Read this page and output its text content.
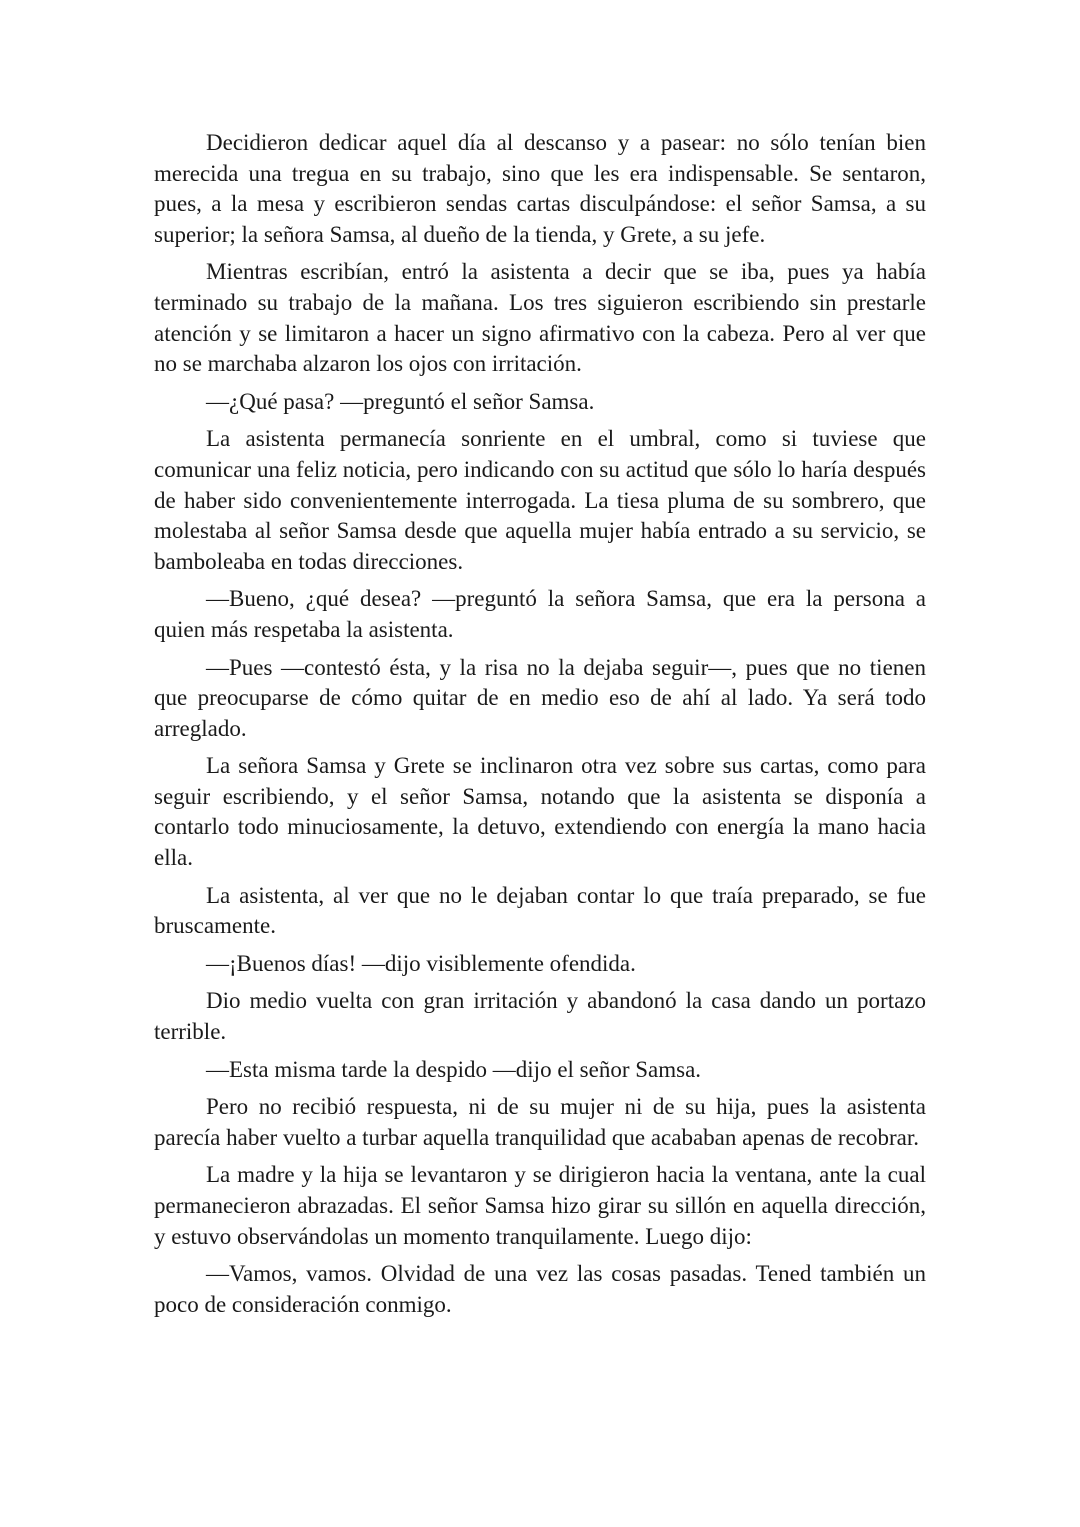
Decidieron dedicar aquel día al descanso y a pasear: no sólo tenían bien merecida una tregua en su trabajo, sino que les era indispensable. Se sentaron, pues, a la mesa y escribieron sendas cartas disculpándose: el señor Samsa, a su superior; la señora Samsa, al dueño de la tienda, y Grete, a su jefe.

Mientras escribían, entró la asistenta a decir que se iba, pues ya había terminado su trabajo de la mañana. Los tres siguieron escribiendo sin prestarle atención y se limitaron a hacer un signo afirmativo con la cabeza. Pero al ver que no se marchaba alzaron los ojos con irritación.

—¿Qué pasa? —preguntó el señor Samsa.

La asistenta permanecía sonriente en el umbral, como si tuviese que comunicar una feliz noticia, pero indicando con su actitud que sólo lo haría después de haber sido convenientemente interrogada. La tiesa pluma de su sombrero, que molestaba al señor Samsa desde que aquella mujer había entrado a su servicio, se bamboleaba en todas direcciones.

—Bueno, ¿qué desea? —preguntó la señora Samsa, que era la persona a quien más respetaba la asistenta.

—Pues —contestó ésta, y la risa no la dejaba seguir—, pues que no tienen que preocuparse de cómo quitar de en medio eso de ahí al lado. Ya será todo arreglado.

La señora Samsa y Grete se inclinaron otra vez sobre sus cartas, como para seguir escribiendo, y el señor Samsa, notando que la asistenta se disponía a contarlo todo minuciosamente, la detuvo, extendiendo con energía la mano hacia ella.

La asistenta, al ver que no le dejaban contar lo que traía preparado, se fue bruscamente.

—¡Buenos días! —dijo visiblemente ofendida.

Dio medio vuelta con gran irritación y abandonó la casa dando un portazo terrible.

—Esta misma tarde la despido —dijo el señor Samsa.

Pero no recibió respuesta, ni de su mujer ni de su hija, pues la asistenta parecía haber vuelto a turbar aquella tranquilidad que acababan apenas de recobrar.

La madre y la hija se levantaron y se dirigieron hacia la ventana, ante la cual permanecieron abrazadas. El señor Samsa hizo girar su sillón en aquella dirección, y estuvo observándolas un momento tranquilamente. Luego dijo:

—Vamos, vamos. Olvidad de una vez las cosas pasadas. Tened también un poco de consideración conmigo.
